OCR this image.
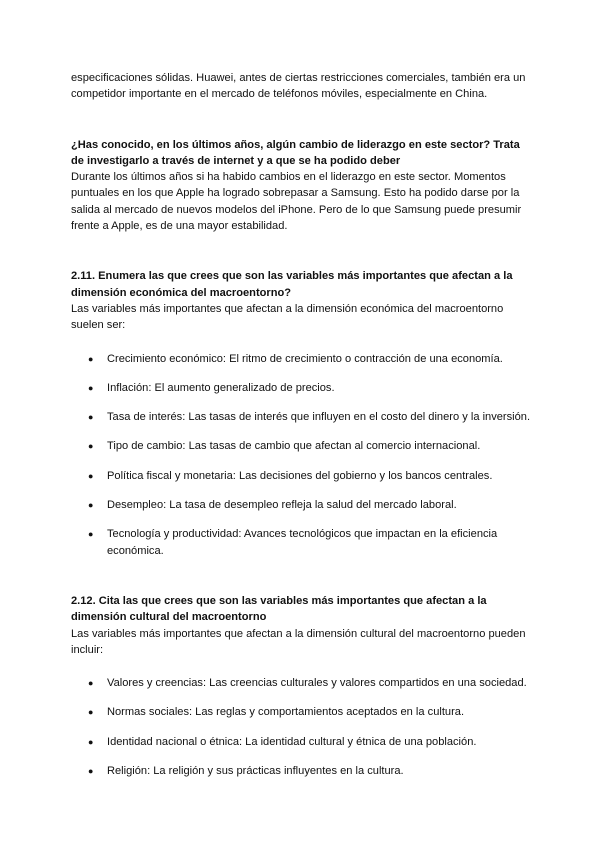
especificaciones sólidas. Huawei, antes de ciertas restricciones comerciales, también era un competidor importante en el mercado de teléfonos móviles, especialmente en China.

¿Has conocido, en los últimos años, algún cambio de liderazgo en este sector? Trata de investigarlo a través de internet y a que se ha podido deber

Durante los últimos años si ha habido cambios en el liderazgo en este sector. Momentos puntuales en los que Apple ha logrado sobrepasar a Samsung. Esto ha podido darse por la salida al mercado de nuevos modelos del iPhone. Pero de lo que Samsung puede presumir frente a Apple, es de una mayor estabilidad.

2.11. Enumera las que crees que son las variables más importantes que afectan a la dimensión económica del macroentorno?

Las variables más importantes que afectan a la dimensión económica del macroentorno suelen ser:

● Crecimiento económico: El ritmo de crecimiento o contracción de una economía.
● Inflación: El aumento generalizado de precios.
● Tasa de interés: Las tasas de interés que influyen en el costo del dinero y la inversión.
● Tipo de cambio: Las tasas de cambio que afectan al comercio internacional.
● Política fiscal y monetaria: Las decisiones del gobierno y los bancos centrales.
● Desempleo: La tasa de desempleo refleja la salud del mercado laboral.
● Tecnología y productividad: Avances tecnológicos que impactan en la eficiencia económica.

2.12. Cita las que crees que son las variables más importantes que afectan a la dimensión cultural del macroentorno

Las variables más importantes que afectan a la dimensión cultural del macroentorno pueden incluir:

● Valores y creencias: Las creencias culturales y valores compartidos en una sociedad.
● Normas sociales: Las reglas y comportamientos aceptados en la cultura.
● Identidad nacional o étnica: La identidad cultural y étnica de una población.
● Religión: La religión y sus prácticas influyentes en la cultura.
